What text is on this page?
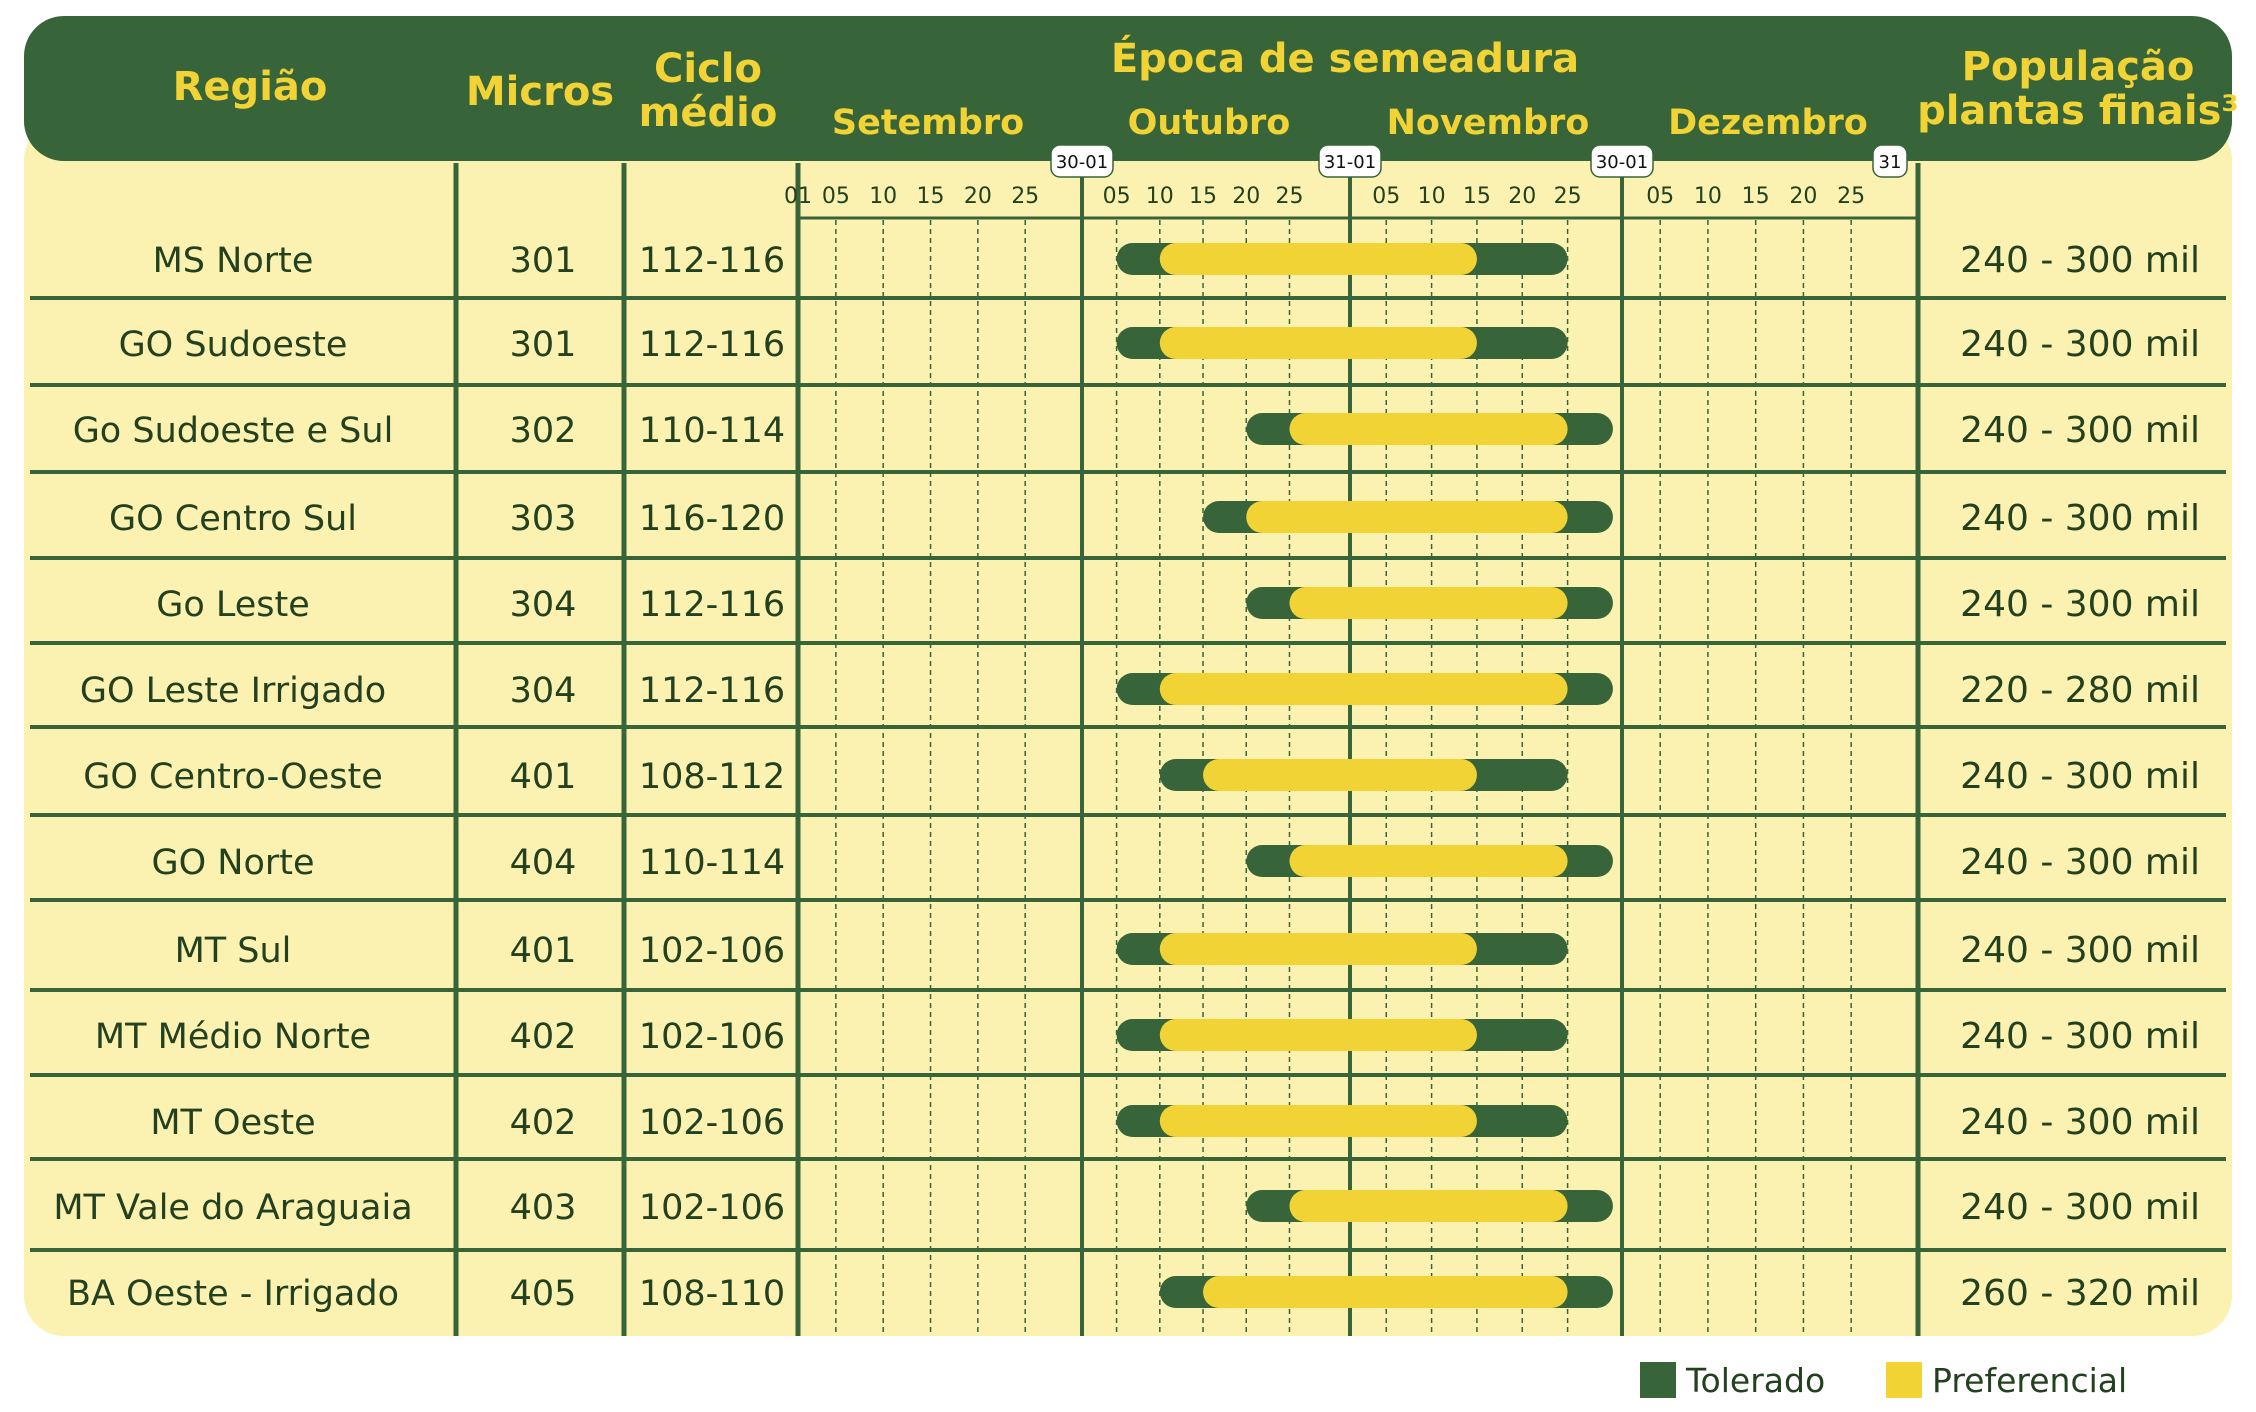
Região	Micros Ciclo
médio
Época de semeadura	População
plantas finais³
Setembro	Outubro	Novembro Dezembro
01 05 10 15 20 25	05 10 15 20 25	05 10 15 20 25	05 10 15 20 25
MS Norte	301 112-116	240 - 300 mil
GO Sudoeste	301 112-116	240 - 300 mil
Go Sudoeste e Sul	302 110-114	240 - 300 mil
GO Centro Sul	303 116-120	240 - 300 mil
Go Leste	304 112-116	240 - 300 mil
GO Leste Irrigado	304 112-116	220 - 280 mil
GO Centro-Oeste	401 108-112	240 - 300 mil
GO Norte	404 110-114	240 - 300 mil
MT Sul	401 102-106	240 - 300 mil
MT Médio Norte	402 102-106	240 - 300 mil
MT Oeste	402 102-106	240 - 300 mil
MT Vale do Araguaia	403 102-106	240 - 300 mil
BA Oeste - Irrigado	405 108-110	260 - 320 mil
30-01	31-01	30-01	31
Tolerado	Preferencial
